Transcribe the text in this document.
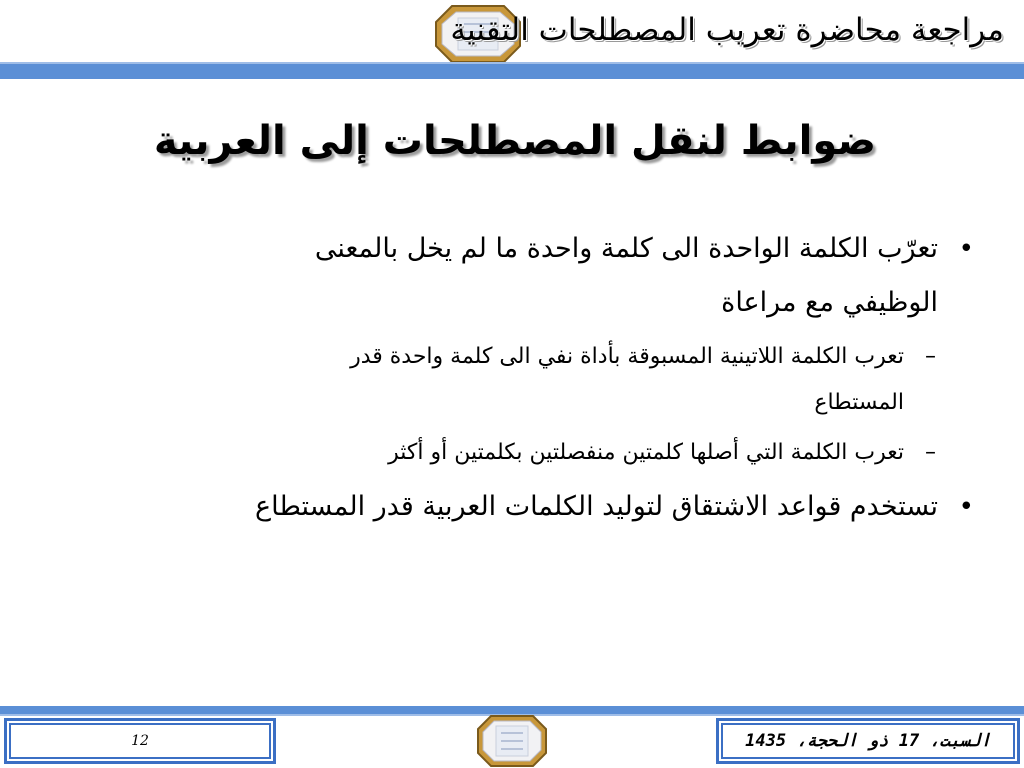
مراجعة محاضرة تعريب المصطلحات التقنية
ضوابط لنقل المصطلحات إلى العربية
•
تعرّب الكلمة الواحدة الى كلمة واحدة ما لم يخل بالمعنى
الوظيفي مع مراعاة
–
تعرب الكلمة اللاتينية المسبوقة بأداة نفي الى كلمة واحدة قدر
المستطاع
–
تعرب الكلمة التي أصلها كلمتين منفصلتين بكلمتين أو أكثر
•
تستخدم قواعد الاشتقاق لتوليد الكلمات العربية قدر المستطاع
12	السبت، 17 ذو الحجة، 1435
